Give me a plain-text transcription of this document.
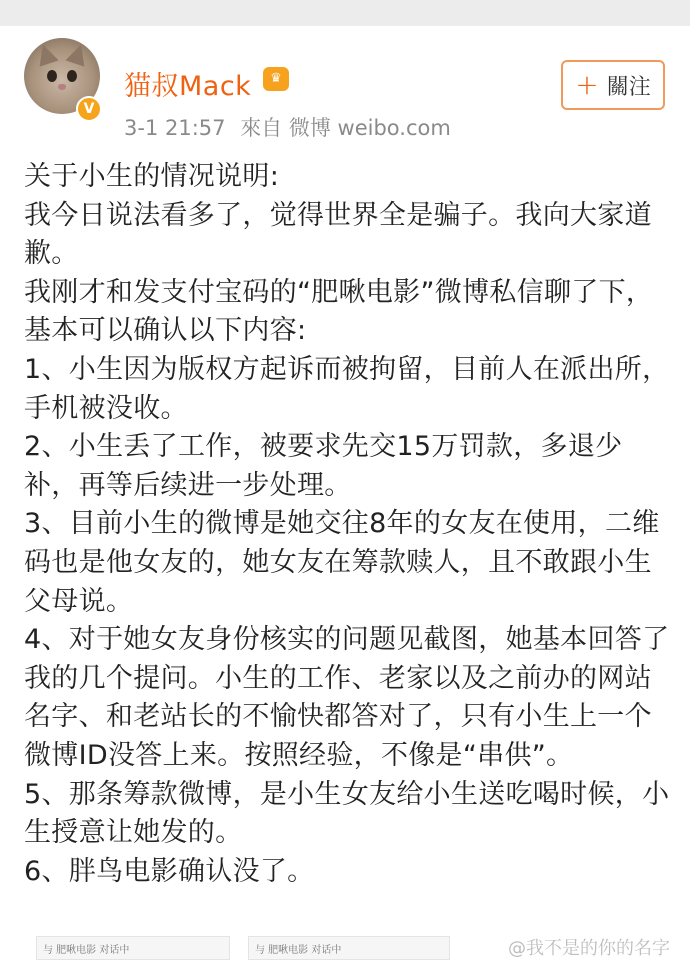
V
猫叔Mack	♛
3-1 21:57 來自 微博 weibo.com
+ 關注

关于小生的情况说明:

我今日说法看多了，觉得世界全是骗子。我向大家道歉。

我刚才和发支付宝码的“肥啾电影”微博私信聊了下，基本可以确认以下内容:

1、小生因为版权方起诉而被拘留，目前人在派出所，手机被没收。

2、小生丢了工作，被要求先交15万罚款，多退少补，再等后续进一步处理。

3、目前小生的微博是她交往8年的女友在使用，二维码也是他女友的，她女友在筹款赎人，且不敢跟小生父母说。

4、对于她女友身份核实的问题见截图，她基本回答了我的几个提问。小生的工作、老家以及之前办的网站名字、和老站长的不愉快都答对了，只有小生上一个微博ID没答上来。按照经验，不像是“串供”。

5、那条筹款微博，是小生女友给小生送吃喝时候，小生授意让她发的。

6、胖鸟电影确认没了。

与 肥啾电影 对话中	与 肥啾电影 对话中	@我不是的你的名字
